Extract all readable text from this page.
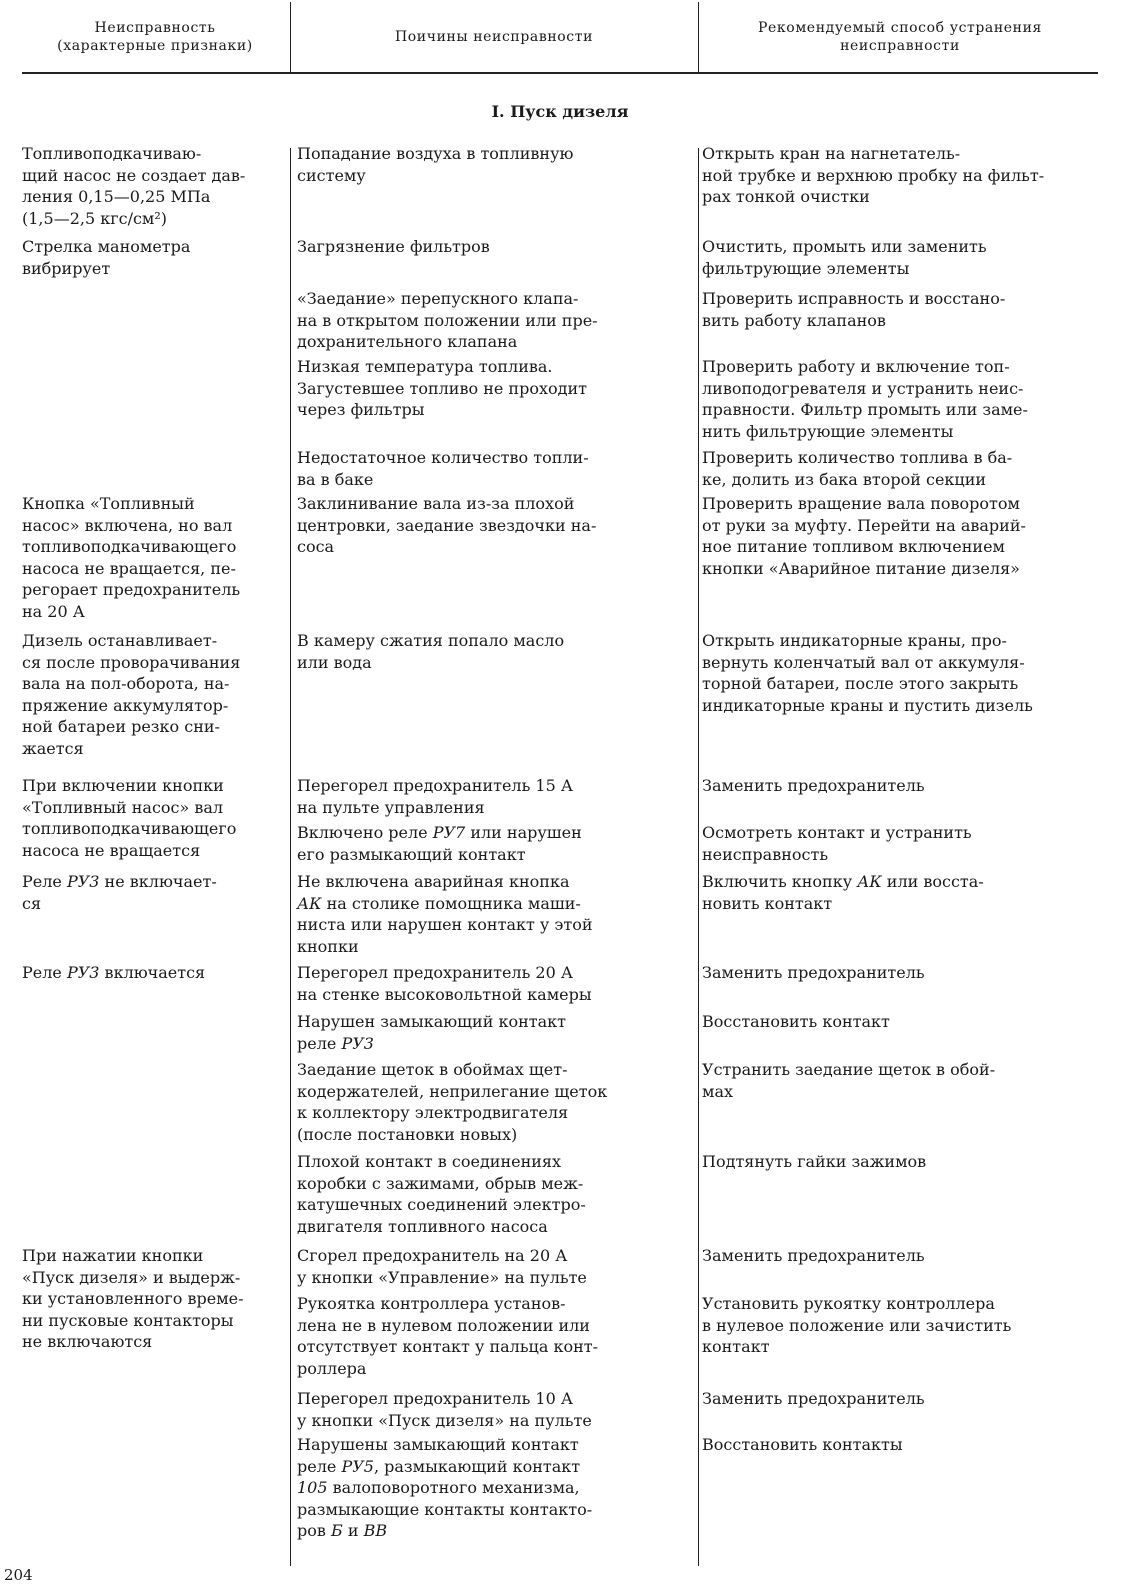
Неисправность
(характерные признаки)
Поичины неисправности
Рекомендуемый способ устранения
неисправности
I. Пуск дизеля
Топливоподкачиваю-
щий насос не создает дав-
ления 0,15—0,25 МПа
(1,5—2,5 кгс/см²)
Попадание воздуха в топливную
систему
Открыть кран на нагнетатель-
ной трубке и верхнюю пробку на фильт-
рах тонкой очистки
Стрелка манометра
вибрирует
Загрязнение фильтров	Очистить, промыть или заменить
фильтрующие элементы
«Заедание» перепускного клапа-
на в открытом положении или пре-
дохранительного клапана
Проверить исправность и восстано-
вить работу клапанов
Низкая температура топлива.
Загустевшее топливо не проходит
через фильтры
Проверить работу и включение топ-
ливоподогревателя и устранить неис-
правности. Фильтр промыть или заме-
нить фильтрующие элементы
Недостаточное количество топли-
ва в баке
Проверить количество топлива в ба-
ке, долить из бака второй секции
Кнопка «Топливный
насос» включена, но вал
топливоподкачивающего
насоса не вращается, пе-
регорает предохранитель
на 20 А
Заклинивание вала из-за плохой
центровки, заедание звездочки на-
соса
Проверить вращение вала поворотом
от руки за муфту. Перейти на аварий-
ное питание топливом включением
кнопки «Аварийное питание дизеля»
Дизель останавливает-
ся после проворачивания
вала на пол-оборота, на-
пряжение аккумулятор-
ной батареи резко сни-
жается
В камеру сжатия попало масло
или вода
Открыть индикаторные краны, про-
вернуть коленчатый вал от аккумуля-
торной батареи, после этого закрыть
индикаторные краны и пустить дизель
При включении кнопки
«Топливный насос» вал
топливоподкачивающего
насоса не вращается
Перегорел предохранитель 15 А
на пульте управления
Заменить предохранитель
Включено реле РУ7 или нарушен
его размыкающий контакт
Осмотреть контакт и устранить
неисправность
Реле РУ3 не включает-
ся
Не включена аварийная кнопка
АК на столике помощника маши-
ниста или нарушен контакт у этой
кнопки
Включить кнопку АК или восста-
новить контакт
Реле РУ3 включается	Перегорел предохранитель 20 А
на стенке высоковольтной камеры
Заменить предохранитель
Нарушен замыкающий контакт
реле РУ3
Восстановить контакт
Заедание щеток в обоймах щет-
кодержателей, неприлегание щеток
к коллектору электродвигателя
(после постановки новых)
Устранить заедание щеток в обой-
мах
Плохой контакт в соединениях
коробки с зажимами, обрыв меж-
катушечных соединений электро-
двигателя топливного насоса
Подтянуть гайки зажимов
При нажатии кнопки
«Пуск дизеля» и выдерж-
ки установленного време-
ни пусковые контакторы
не включаются
Сгорел предохранитель на 20 А
у кнопки «Управление» на пульте
Заменить предохранитель
Рукоятка контроллера установ-
лена не в нулевом положении или
отсутствует контакт у пальца конт-
роллера
Установить рукоятку контроллера
в нулевое положение или зачистить
контакт
Перегорел предохранитель 10 А
у кнопки «Пуск дизеля» на пульте
Заменить предохранитель
Нарушены замыкающий контакт
реле РУ5, размыкающий контакт
105 валоповоротного механизма,
размыкающие контакты контакто-
ров Б и ВВ
Восстановить контакты
204
